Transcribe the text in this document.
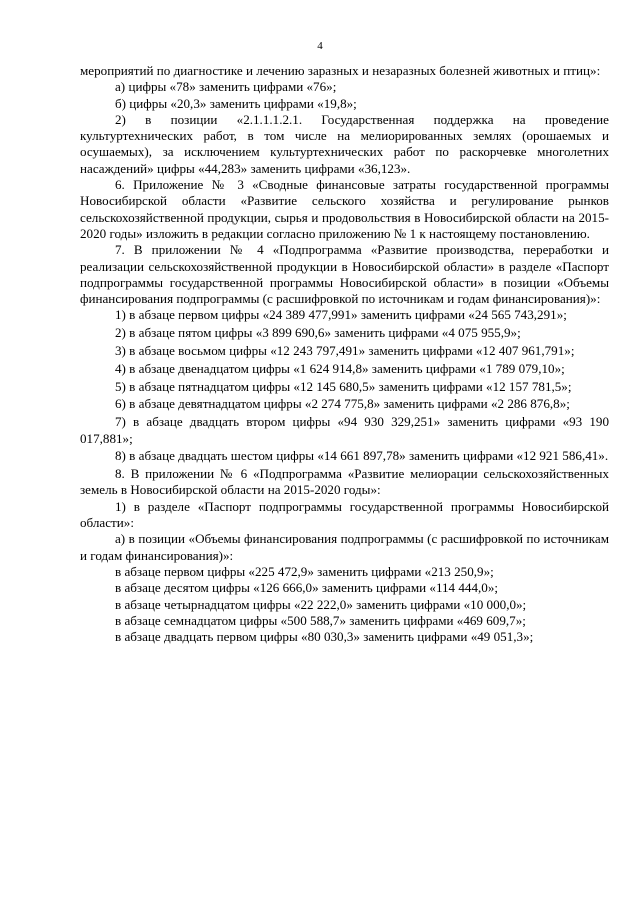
4

мероприятий по диагностике и лечению заразных и незаразных болезней животных и птиц»:

а) цифры «78» заменить цифрами «76»;

б) цифры «20,3» заменить цифрами «19,8»;

2) в позиции «2.1.1.1.2.1. Государственная поддержка на проведение культуртехнических работ, в том числе на мелиорированных землях (орошаемых и осушаемых), за исключением культуртехнических работ по раскорчевке многолетних насаждений» цифры «44,283» заменить цифрами «36,123».

6. Приложение № 3 «Сводные финансовые затраты государственной программы Новосибирской области «Развитие сельского хозяйства и регулирование рынков сельскохозяйственной продукции, сырья и продовольствия в Новосибирской области на 2015-2020 годы» изложить в редакции согласно приложению № 1 к настоящему постановлению.

7. В приложении № 4 «Подпрограмма «Развитие производства, переработки и реализации сельскохозяйственной продукции в Новосибирской области» в разделе «Паспорт подпрограммы государственной программы Новосибирской области» в позиции «Объемы финансирования подпрограммы (с расшифровкой по источникам и годам финансирования)»:

1) в абзаце первом цифры «24 389 477,991» заменить цифрами «24 565 743,291»;

2) в абзаце пятом цифры «3 899 690,6» заменить цифрами «4 075 955,9»;

3) в абзаце восьмом цифры «12 243 797,491» заменить цифрами «12 407 961,791»;

4) в абзаце двенадцатом цифры «1 624 914,8» заменить цифрами «1 789 079,10»;

5) в абзаце пятнадцатом цифры «12 145 680,5» заменить цифрами «12 157 781,5»;

6) в абзаце девятнадцатом цифры «2 274 775,8» заменить цифрами «2 286 876,8»;

7) в абзаце двадцать втором цифры «94 930 329,251» заменить цифрами «93 190 017,881»;

8) в абзаце двадцать шестом цифры «14 661 897,78» заменить цифрами «12 921 586,41».

8. В приложении № 6 «Подпрограмма «Развитие мелиорации сельскохозяйственных земель в Новосибирской области на 2015-2020 годы»:

1) в разделе «Паспорт подпрограммы государственной программы Новосибирской области»:

а) в позиции «Объемы финансирования подпрограммы (с расшифровкой по источникам и годам финансирования)»:

в абзаце первом цифры «225 472,9» заменить цифрами «213 250,9»;

в абзаце десятом цифры «126 666,0» заменить цифрами «114 444,0»;

в абзаце четырнадцатом цифры «22 222,0» заменить цифрами «10 000,0»;

в абзаце семнадцатом цифры «500 588,7» заменить цифрами «469 609,7»;

в абзаце двадцать первом цифры «80 030,3» заменить цифрами «49 051,3»;
